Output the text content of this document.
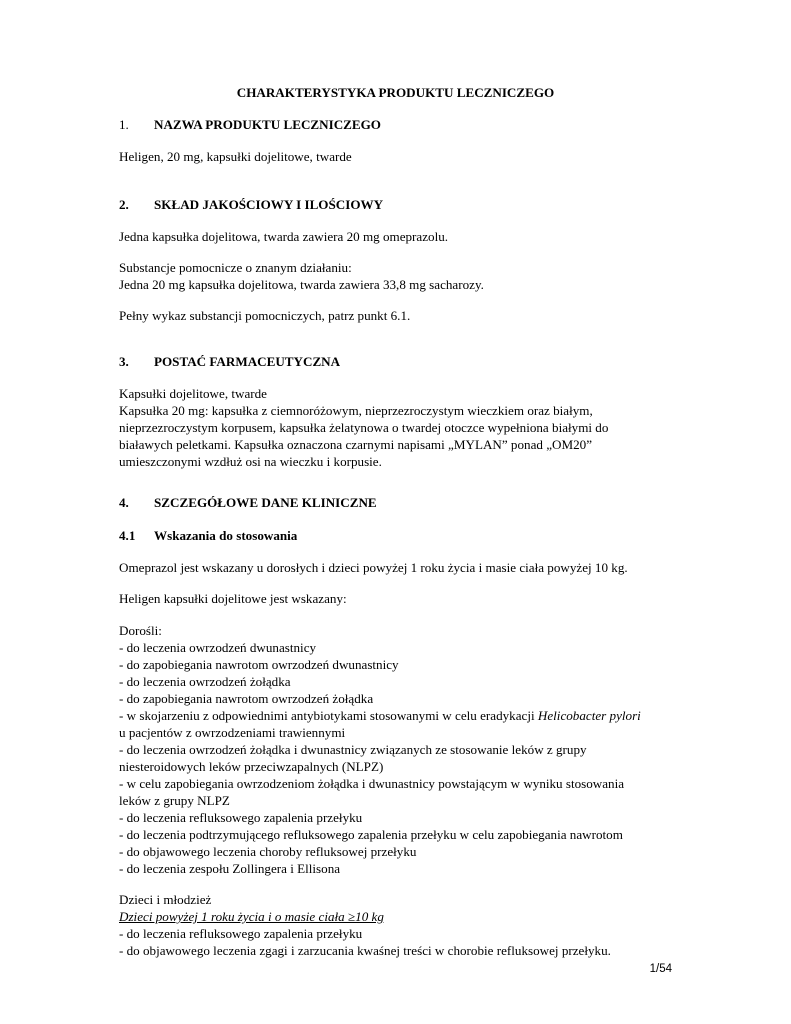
CHARAKTERYSTYKA PRODUKTU LECZNICZEGO
1. NAZWA PRODUKTU LECZNICZEGO
Heligen, 20 mg, kapsułki dojelitowe, twarde
2. SKŁAD JAKOŚCIOWY I ILOŚCIOWY
Jedna kapsułka dojelitowa, twarda zawiera 20 mg omeprazolu.
Substancje pomocnicze o znanym działaniu:
Jedna 20 mg kapsułka dojelitowa, twarda zawiera 33,8 mg sacharozy.
Pełny wykaz substancji pomocniczych, patrz punkt 6.1.
3. POSTAĆ FARMACEUTYCZNA
Kapsułki dojelitowe, twarde
Kapsułka 20 mg: kapsułka z ciemnoróżowym, nieprzezroczystym wieczkiem oraz białym,
nieprzezroczystym korpusem, kapsułka żelatynowa o twardej otoczce wypełniona białymi do
białawych peletkami. Kapsułka oznaczona czarnymi napisami „MYLAN” ponad „OM20”
umieszczonymi wzdłuż osi na wieczku i korpusie.
4. SZCZEGÓŁOWE DANE KLINICZNE
4.1 Wskazania do stosowania
Omeprazol jest wskazany u dorosłych i dzieci powyżej 1 roku życia i masie ciała powyżej 10 kg.
Heligen kapsułki dojelitowe jest wskazany:
Dorośli:
- do leczenia owrzodzeń dwunastnicy
- do zapobiegania nawrotom owrzodzeń dwunastnicy
- do leczenia owrzodzeń żołądka
- do zapobiegania nawrotom owrzodzeń żołądka
- w skojarzeniu z odpowiednimi antybiotykami stosowanymi w celu eradykacji Helicobacter pylori
u pacjentów z owrzodzeniami trawiennymi
- do leczenia owrzodzeń żołądka i dwunastnicy związanych ze stosowanie leków z grupy
niesteroidowych leków przeciwzapalnych (NLPZ)
- w celu zapobiegania owrzodzeniom żołądka i dwunastnicy powstającym w wyniku stosowania
leków z grupy NLPZ
- do leczenia refluksowego zapalenia przełyku
- do leczenia podtrzymującego refluksowego zapalenia przełyku w celu zapobiegania nawrotom
- do objawowego leczenia choroby refluksowej przełyku
- do leczenia zespołu Zollingera i Ellisona
Dzieci i młodzież
Dzieci powyżej 1 roku życia i o masie ciała ≥10 kg
- do leczenia refluksowego zapalenia przełyku
- do objawowego leczenia zgagi i zarzucania kwaśnej treści w chorobie refluksowej przełyku.
1/54
